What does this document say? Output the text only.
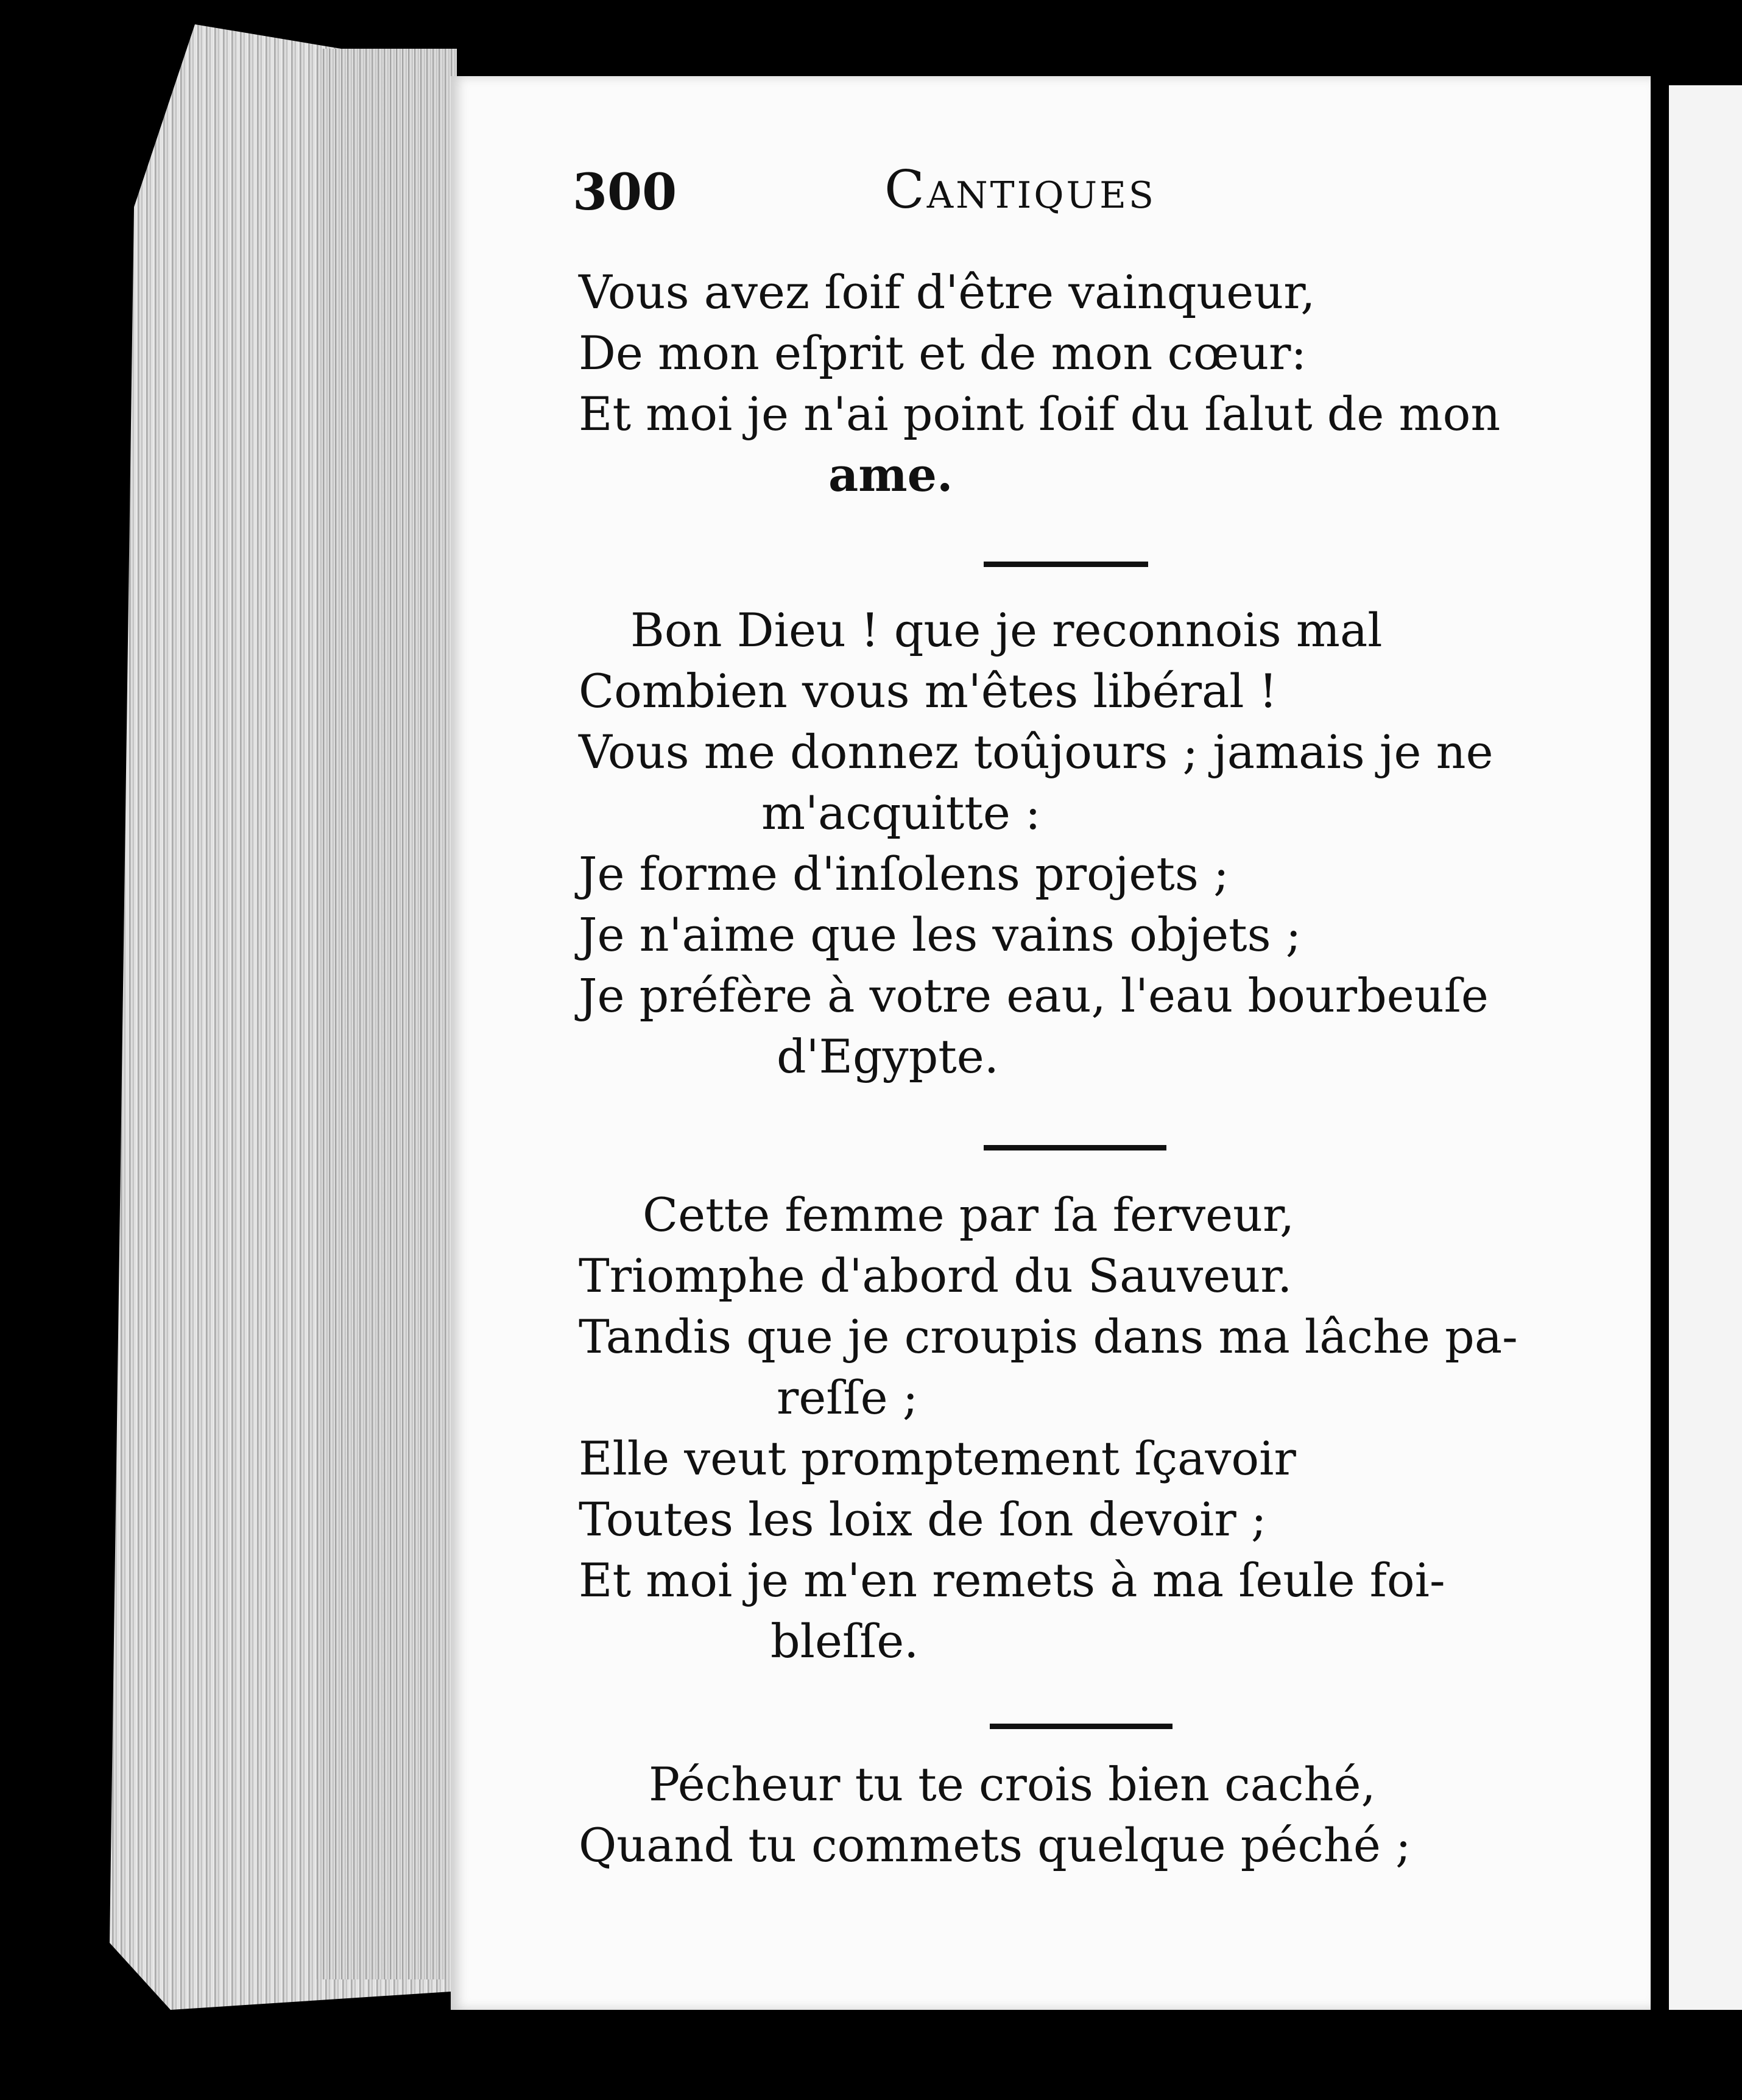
300	Cantiques
Vous avez ſoif d'être vainqueur,
De mon eſprit et de mon cœur:
Et moi je n'ai point ſoif du ſalut de mon
ame.
Bon Dieu ! que je reconnois mal
Combien vous m'êtes libéral !
Vous me donnez toûjours ; jamais je ne
m'acquitte :
Je forme d'inſolens projets ;
Je n'aime que les vains objets ;
Je préfère à votre eau, l'eau bourbeuſe
d'Egypte.
Cette femme par ſa ferveur,
Triomphe d'abord du Sauveur.
Tandis que je croupis dans ma lâche pa-
reſſe ;
Elle veut promptement ſçavoir
Toutes les loix de ſon devoir ;
Et moi je m'en remets à ma ſeule foi-
bleſſe.
Pécheur tu te crois bien caché,
Quand tu commets quelque péché ;
